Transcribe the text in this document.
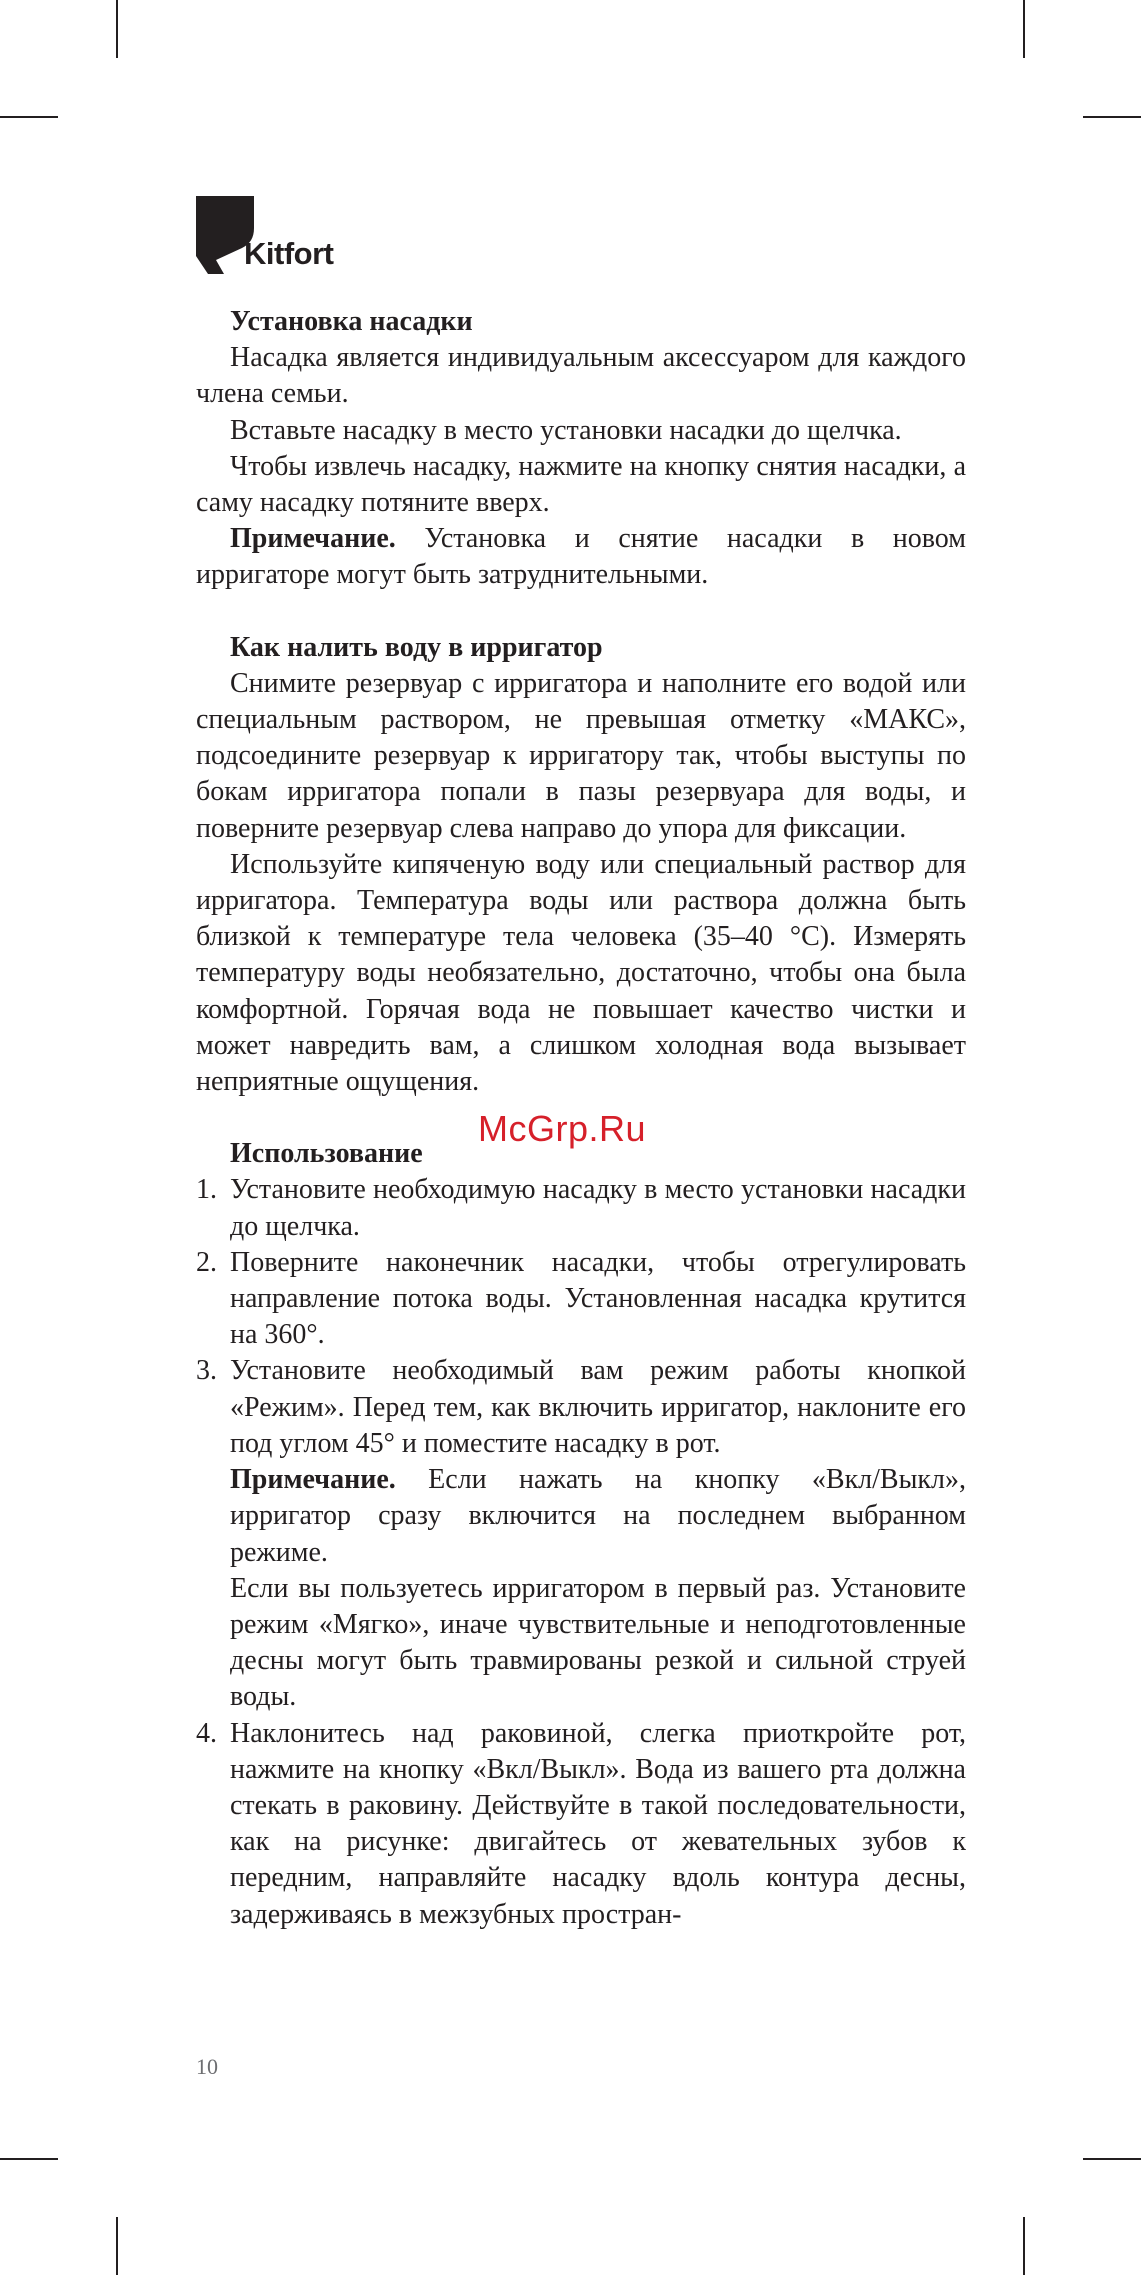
Kitfort
Установка насадки

Насадка является индивидуальным аксессуаром для каждого члена семьи.

Вставьте насадку в место установки насадки до щелчка.

Чтобы извлечь насадку, нажмите на кнопку снятия насадки, а саму насадку потяните вверх.

Примечание. Установка и снятие насадки в новом ирригаторе могут быть затруднительными.

Как налить воду в ирригатор

Снимите резервуар с ирригатора и наполните его водой или специальным раствором, не превышая отметку «МАКС», подсоедините резервуар к ирригатору так, чтобы выступы по бокам ирригатора попали в пазы резервуара для воды, и поверните резервуар слева направо до упора для фиксации.

Используйте кипяченую воду или специальный раствор для ирригатора. Температура воды или раствора должна быть близкой к температуре тела человека (35–40 °C). Измерять температуру воды необязательно, достаточно, чтобы она была комфортной. Горячая вода не повышает качество чистки и может навредить вам, а слишком холодная вода вызывает неприятные ощущения.

Использование
1. Установите необходимую насадку в место установки насадки до щелчка.

2. Поверните наконечник насадки, чтобы отрегулировать направление потока воды. Установленная насадка крутится на 360°.

3. Установите необходимый вам режим работы кнопкой «Режим». Перед тем, как включить ирригатор, наклоните его под углом 45° и поместите насадку в рот.

Примечание. Если нажать на кнопку «Вкл/Выкл», ирригатор сразу включится на последнем выбранном режиме.

Если вы пользуетесь ирригатором в первый раз. Установите режим «Мягко», иначе чувствительные и неподготовленные десны могут быть травмированы резкой и сильной струей воды.

4. Наклонитесь над раковиной, слегка приоткройте рот, нажмите на кнопку «Вкл/Выкл». Вода из вашего рта должна стекать в раковину. Действуйте в такой последовательности, как на рисунке: двигайтесь от жевательных зубов к передним, направляйте насадку вдоль контура десны, задерживаясь в межзубных простран-

McGrp.Ru
10
